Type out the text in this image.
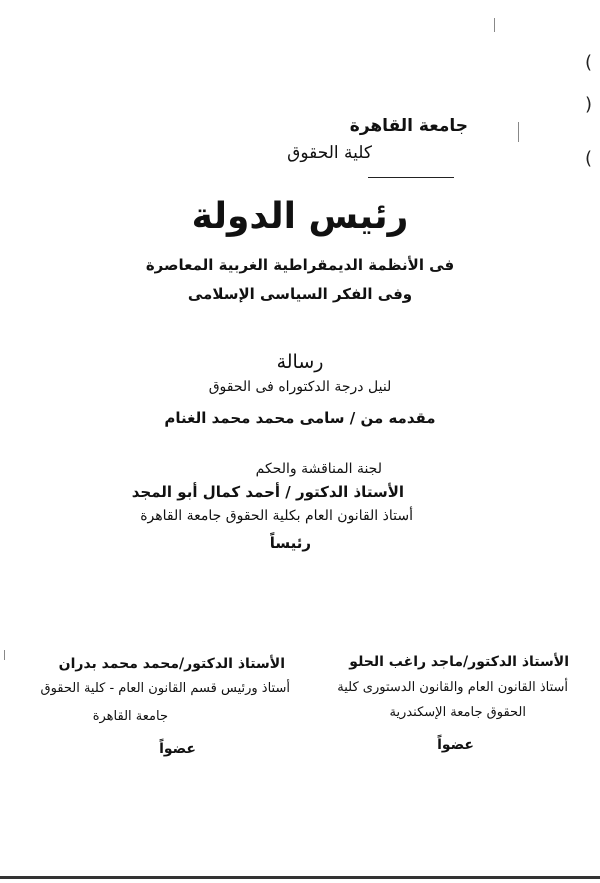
(
)
(

جامعة القاهرة

كلية الحقوق

رئيس الدولة

فى الأنظمة الديمقراطية الغربية المعاصرة

وفى الفكر السياسى الإسلامى

رسالة

لنيل درجة الدكتوراه فى الحقوق

مقدمه من / سامى محمد محمد الغنام

لجنة المناقشة والحكم

الأستاذ الدكتور / أحمد كمال أبو المجد

أستاذ القانون العام بكلية الحقوق جامعة القاهرة

رئيساً

الأستاذ الدكتور/ماجد راغب الحلو

أستاذ القانون العام والقانون الدستورى كلية

الحقوق جامعة الإسكندرية

عضواً

الأستاذ الدكتور/محمد محمد بدران

أستاذ ورئيس قسم القانون العام - كلية الحقوق

جامعة القاهرة

عضواً
